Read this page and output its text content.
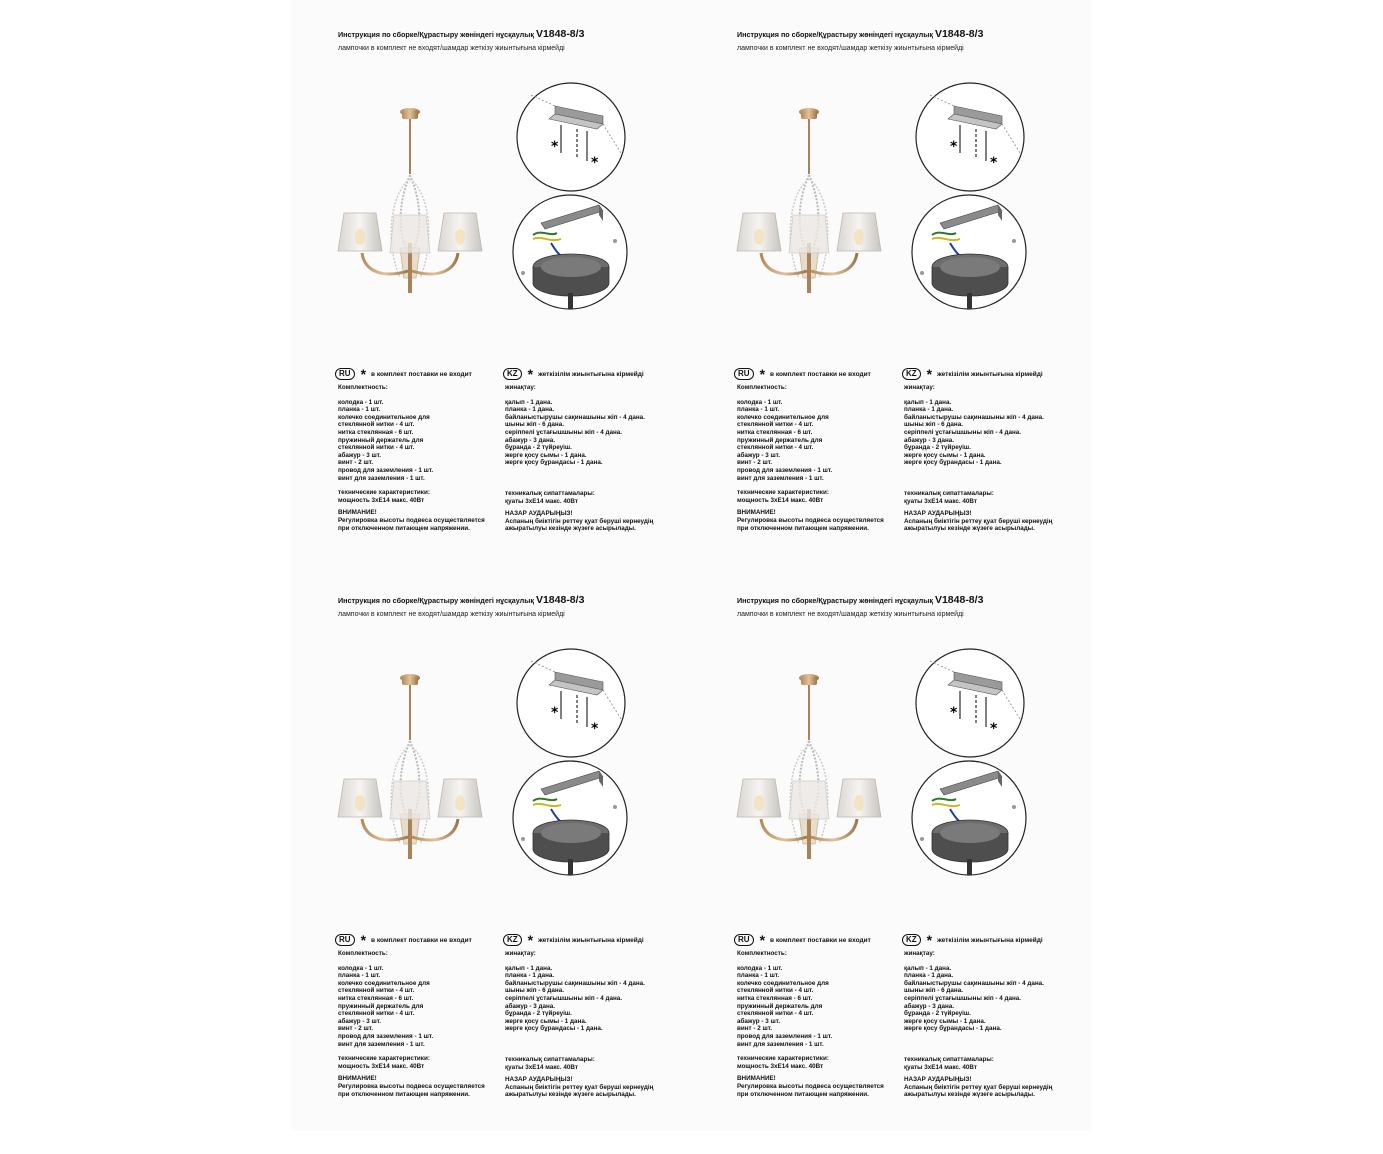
Инструкция по сборке/Құрастыру жөніндегі нұсқаулық V1848-8/3
лампочки в комплект не входят/шамдар жеткізу жиынтығына кірмейді
*
*
RU * в комплект поставки не входит	KZ * жеткізілім жиынтығына кірмейді
Комплектность:
колодка - 1 шт.
планка - 1 шт.
колечко соединительное для
стеклянной нитки - 4 шт.
нитка стеклянная - 6 шт.
пружинный держатель для
стеклянной нитки - 4 шт.
абажур - 3 шт.
винт - 2 шт.
провод для заземления - 1 шт.
винт для заземления - 1 шт.
технические характеристики:
мощность 3xE14 макс. 40Вт
ВНИМАНИЕ!
Регулировка высоты подвеса осуществляется
при отключенном питающем напряжении.
жинақтау:
қалып - 1 дана.
планка - 1 дана.
байланыстырушы сақинашыны жіп - 4 дана.
шыны жіп - 6 дана.
серіппелі ұстағышшыны жіп - 4 дана.
абажур - 3 дана.
бұранда - 2 түйреуіш.
жерге қосу сымы - 1 дана.
жерге қосу бұрандасы - 1 дана.
техникалық сипаттамалары:
қуаты 3xE14 макс. 40Вт
НАЗАР АУДАРЫҢЫЗ!
Аспаның биіктігін реттеу қуат беруші кернеудің
ажыратылуы кезінде жүзеге асырылады.
Инструкция по сборке/Құрастыру жөніндегі нұсқаулық V1848-8/3
лампочки в комплект не входят/шамдар жеткізу жиынтығына кірмейді
*
*
RU * в комплект поставки не входит	KZ * жеткізілім жиынтығына кірмейді
Комплектность:
колодка - 1 шт.
планка - 1 шт.
колечко соединительное для
стеклянной нитки - 4 шт.
нитка стеклянная - 6 шт.
пружинный держатель для
стеклянной нитки - 4 шт.
абажур - 3 шт.
винт - 2 шт.
провод для заземления - 1 шт.
винт для заземления - 1 шт.
технические характеристики:
мощность 3xE14 макс. 40Вт
ВНИМАНИЕ!
Регулировка высоты подвеса осуществляется
при отключенном питающем напряжении.
жинақтау:
қалып - 1 дана.
планка - 1 дана.
байланыстырушы сақинашыны жіп - 4 дана.
шыны жіп - 6 дана.
серіппелі ұстағышшыны жіп - 4 дана.
абажур - 3 дана.
бұранда - 2 түйреуіш.
жерге қосу сымы - 1 дана.
жерге қосу бұрандасы - 1 дана.
техникалық сипаттамалары:
қуаты 3xE14 макс. 40Вт
НАЗАР АУДАРЫҢЫЗ!
Аспаның биіктігін реттеу қуат беруші кернеудің
ажыратылуы кезінде жүзеге асырылады.
Инструкция по сборке/Құрастыру жөніндегі нұсқаулық V1848-8/3
лампочки в комплект не входят/шамдар жеткізу жиынтығына кірмейді
*
*
RU * в комплект поставки не входит	KZ * жеткізілім жиынтығына кірмейді
Комплектность:
колодка - 1 шт.
планка - 1 шт.
колечко соединительное для
стеклянной нитки - 4 шт.
нитка стеклянная - 6 шт.
пружинный держатель для
стеклянной нитки - 4 шт.
абажур - 3 шт.
винт - 2 шт.
провод для заземления - 1 шт.
винт для заземления - 1 шт.
технические характеристики:
мощность 3xE14 макс. 40Вт
ВНИМАНИЕ!
Регулировка высоты подвеса осуществляется
при отключенном питающем напряжении.
жинақтау:
қалып - 1 дана.
планка - 1 дана.
байланыстырушы сақинашыны жіп - 4 дана.
шыны жіп - 6 дана.
серіппелі ұстағышшыны жіп - 4 дана.
абажур - 3 дана.
бұранда - 2 түйреуіш.
жерге қосу сымы - 1 дана.
жерге қосу бұрандасы - 1 дана.
техникалық сипаттамалары:
қуаты 3xE14 макс. 40Вт
НАЗАР АУДАРЫҢЫЗ!
Аспаның биіктігін реттеу қуат беруші кернеудің
ажыратылуы кезінде жүзеге асырылады.
Инструкция по сборке/Құрастыру жөніндегі нұсқаулық V1848-8/3
лампочки в комплект не входят/шамдар жеткізу жиынтығына кірмейді
*
*
RU * в комплект поставки не входит	KZ * жеткізілім жиынтығына кірмейді
Комплектность:
колодка - 1 шт.
планка - 1 шт.
колечко соединительное для
стеклянной нитки - 4 шт.
нитка стеклянная - 6 шт.
пружинный держатель для
стеклянной нитки - 4 шт.
абажур - 3 шт.
винт - 2 шт.
провод для заземления - 1 шт.
винт для заземления - 1 шт.
технические характеристики:
мощность 3xE14 макс. 40Вт
ВНИМАНИЕ!
Регулировка высоты подвеса осуществляется
при отключенном питающем напряжении.
жинақтау:
қалып - 1 дана.
планка - 1 дана.
байланыстырушы сақинашыны жіп - 4 дана.
шыны жіп - 6 дана.
серіппелі ұстағышшыны жіп - 4 дана.
абажур - 3 дана.
бұранда - 2 түйреуіш.
жерге қосу сымы - 1 дана.
жерге қосу бұрандасы - 1 дана.
техникалық сипаттамалары:
қуаты 3xE14 макс. 40Вт
НАЗАР АУДАРЫҢЫЗ!
Аспаның биіктігін реттеу қуат беруші кернеудің
ажыратылуы кезінде жүзеге асырылады.
